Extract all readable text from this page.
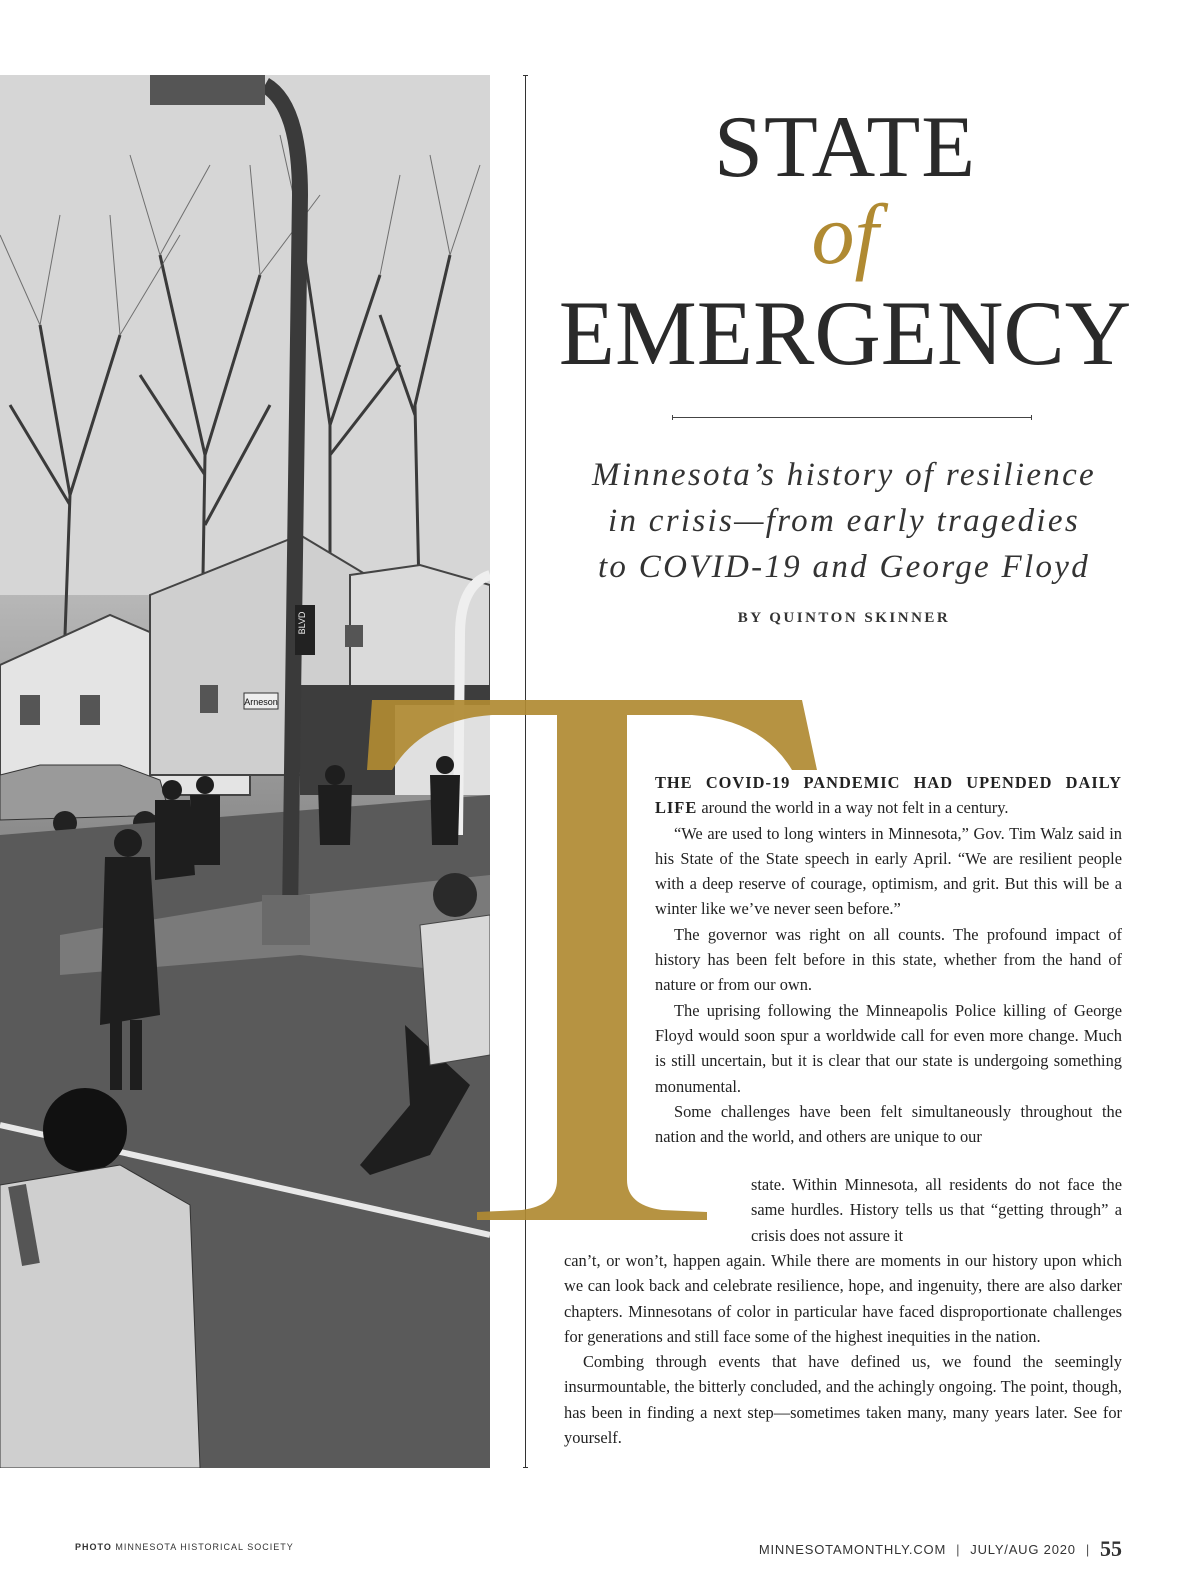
BLVD
Arneson
STATE
of
EMERGENCY
Minnesota’s history of resilience
in crisis—from early tragedies
to COVID-19 and George Floyd
BY QUINTON SKINNER

THE COVID-19 PANDEMIC HAD UPENDED DAILY LIFE around the world in a way not felt in a century.

“We are used to long winters in Minnesota,” Gov. Tim Walz said in his State of the State speech in early April. “We are resilient people with a deep reserve of courage, optimism, and grit. But this will be a winter like we’ve never seen before.”

The governor was right on all counts. The profound impact of history has been felt before in this state, whether from the hand of nature or from our own.

The uprising following the Minneapolis Police killing of George Floyd would soon spur a worldwide call for even more change. Much is still uncertain, but it is clear that our state is undergoing something monumental.

Some challenges have been felt simultaneously throughout the nation and the world, and others are unique to our

state. Within Minnesota, all residents do not face the same hurdles. History tells us that “getting through” a crisis does not assure it

can’t, or won’t, happen again. While there are moments in our history upon which we can look back and celebrate resilience, hope, and ingenuity, there are also darker chapters. Minnesotans of color in particular have faced disproportionate challenges for generations and still face some of the highest inequities in the nation.

Combing through events that have defined us, we found the seemingly insurmountable, the bitterly concluded, and the achingly ongoing. The point, though, has been in finding a next step—sometimes taken many, many years later. See for yourself.

PHOTO MINNESOTA HISTORICAL SOCIETY	MINNESOTAMONTHLY.COM | JULY/AUG 2020 | 55
